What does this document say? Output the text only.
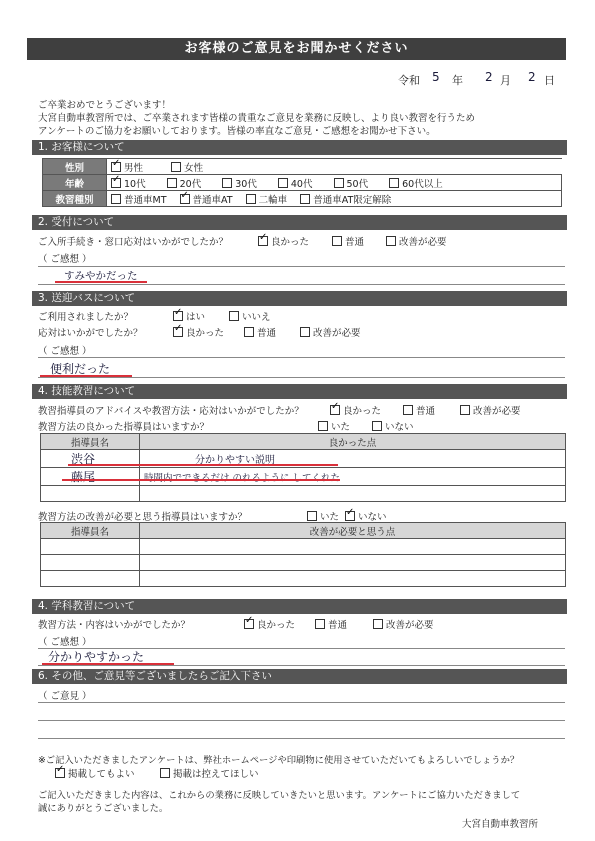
お客様のご意見をお聞かせください
令和 5 年 2 月 2 日
ご卒業おめでとうございます！
大宮自動車教習所では、ご卒業されます皆様の貴重なご意見を業務に反映し、より良い教習を行うため
アンケートのご協力をお願いしております。皆様の率直なご意見・ご感想をお聞かせ下さい。
1. お客様について
性別	✓男性 女性
年齢	✓10代 20代 30代 40代 50代 60代以上
教習種別	普通車MT ✓ 普通車AT 二輪車 普通車AT限定解除
2. 受付について
ご入所手続き・窓口応対はいかがでしたか？ ✓	良かった	普通	改善が必要
（ ご感想 ）
すみやかだった
3. 送迎バスについて
ご利用されましたか？ ✓	はい	いいえ
応対はいかがでしたか？ ✓	良かった	普通	改善が必要
（ ご感想 ）
便利だった
4. 技能教習について
教習指導員のアドバイスや教習方法・応対はいかがでしたか？ ✓	良かった	普通	改善が必要
教習方法の良かった指導員はいますか？	いた	いない
指導員名	良かった点
渋谷	分かりやすい説明
藤尾	時間内でできるだけ のれるように してくれた

教習方法の改善が必要と思う指導員はいますか？	いた ✓	いない
指導員名	改善が必要と思う点

4. 学科教習について
教習方法・内容はいかがでしたか？ ✓	良かった	普通	改善が必要
（ ご感想 ）
分かりやすかった
6. その他、ご意見等ございましたらご記入下さい
（ ご意見 ）
※ご記入いただきましたアンケートは、弊社ホームページや印刷物に使用させていただいてもよろしいでしょうか？
✓掲載してもよい	掲載は控えてほしい
ご記入いただきました内容は、これからの業務に反映していきたいと思います。アンケートにご協力いただきまして
誠にありがとうございました。
大宮自動車教習所
